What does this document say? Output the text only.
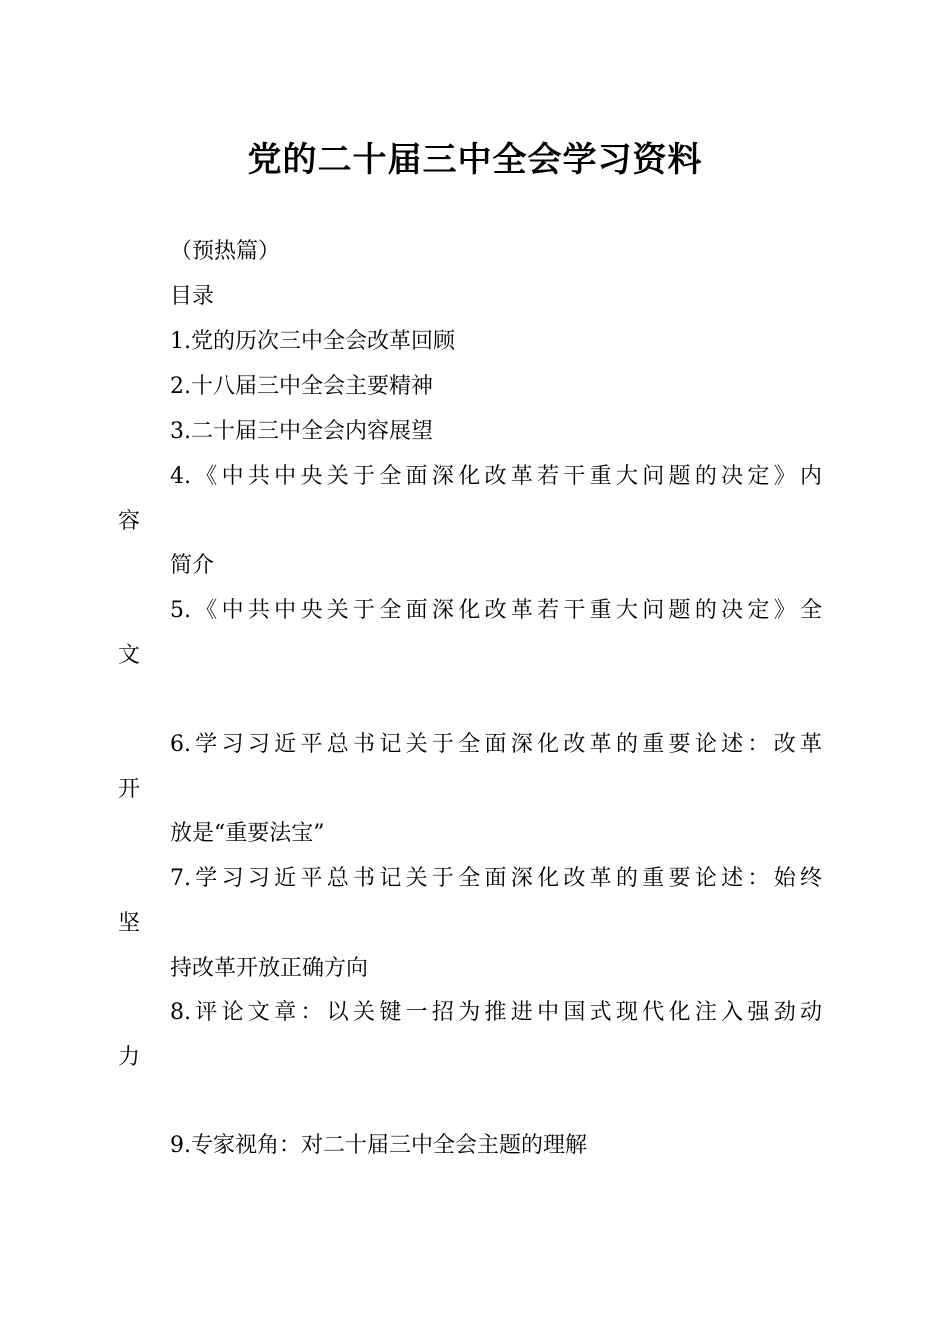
党的二十届三中全会学习资料
（预热篇）
目录
1.党的历次三中全会改革回顾
2.十八届三中全会主要精神
3.二十届三中全会内容展望
4.《中共中央关于全面深化改革若干重大问题的决定》内
容
简介
5.《中共中央关于全面深化改革若干重大问题的决定》全
文
6.学习习近平总书记关于全面深化改革的重要论述：改革
开
放是“重要法宝”
7.学习习近平总书记关于全面深化改革的重要论述：始终
坚
持改革开放正确方向
8.评论文章：以关键一招为推进中国式现代化注入强劲动
力
9.专家视角：对二十届三中全会主题的理解
